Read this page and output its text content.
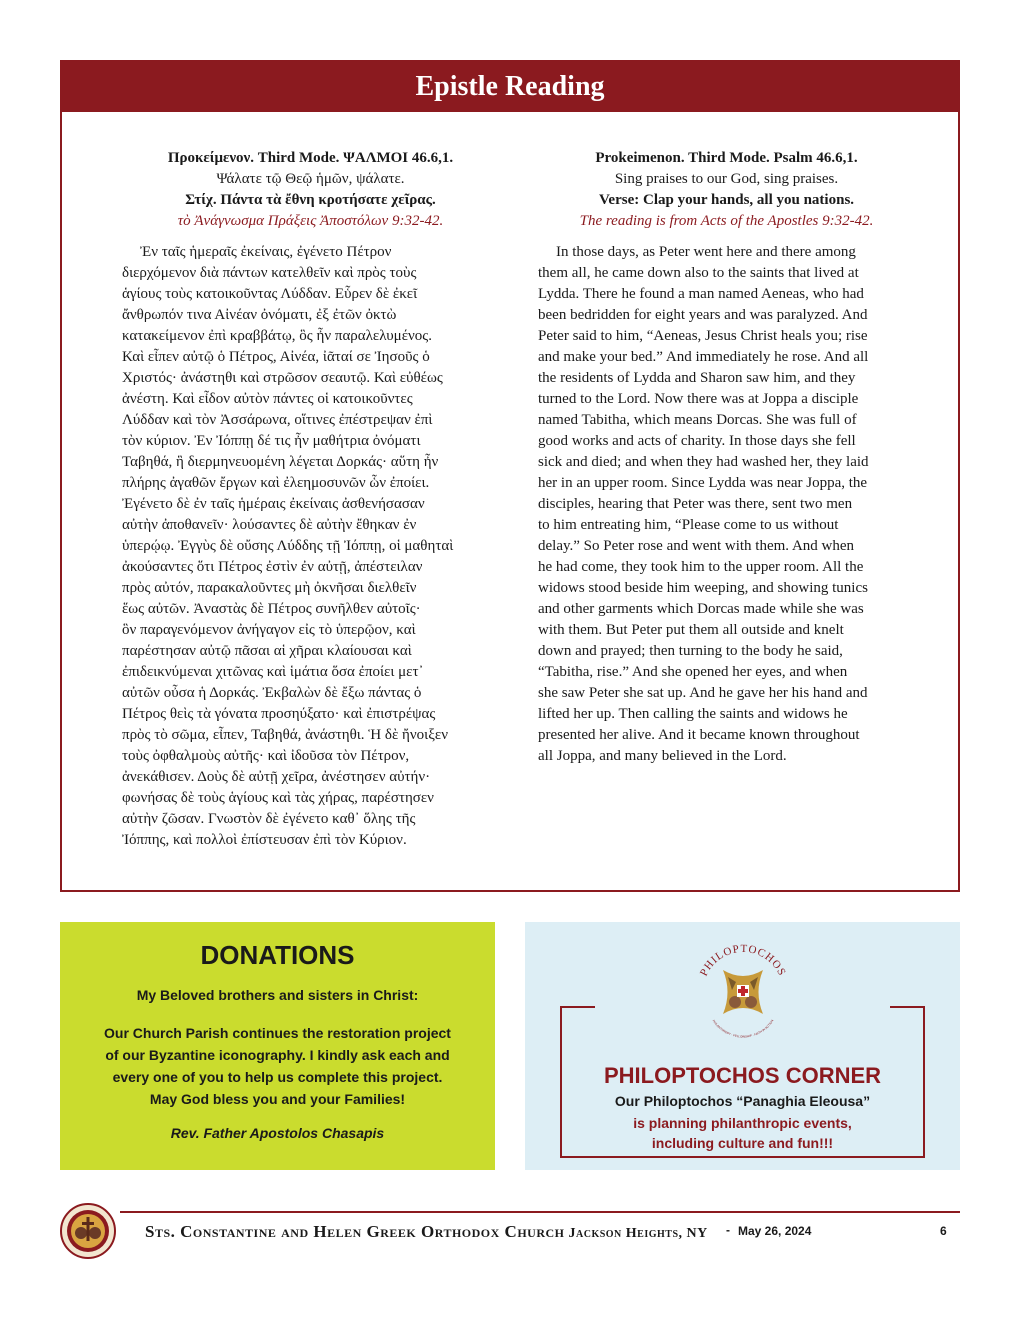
Epistle Reading
Προκείμενον. Third Mode. ΨΑΛΜΟΙ 46.6,1.
Ψάλατε τῷ Θεῷ ἡμῶν, ψάλατε.
Στίχ. Πάντα τὰ ἔθνη κροτήσατε χεῖρας.
τὸ Ἀνάγνωσμα Πράξεις Ἀποστόλων 9:32-42.
Ἐν ταῖς ἡμεραῖς ἐκείναις, ἐγένετο Πέτρον
διερχόμενον διὰ πάντων κατελθεῖν καὶ πρὸς τοὺς
ἁγίους τοὺς κατοικοῦντας Λύδδαν. Εὗρεν δὲ ἐκεῖ
ἄνθρωπόν τινα Αἰνέαν ὀνόματι, ἐξ ἐτῶν ὀκτὼ
κατακείμενον ἐπὶ κραββάτῳ, ὃς ἦν παραλελυμένος.
Καὶ εἶπεν αὐτῷ ὁ Πέτρος, Αἰνέα, ἰᾶταί σε Ἰησοῦς ὁ
Χριστός· ἀνάστηθι καὶ στρῶσον σεαυτῷ. Καὶ εὐθέως
ἀνέστη. Καὶ εἶδον αὐτὸν πάντες οἱ κατοικοῦντες
Λύδδαν καὶ τὸν Ἀσσάρωνα, οἵτινες ἐπέστρεψαν ἐπὶ
τὸν κύριον. Ἐν Ἰόππῃ δέ τις ἦν μαθήτρια ὀνόματι
Ταβηθά, ἣ διερμηνευομένη λέγεται Δορκάς· αὕτη ἦν
πλήρης ἀγαθῶν ἔργων καὶ ἐλεημοσυνῶν ὧν ἐποίει.
Ἐγένετο δὲ ἐν ταῖς ἡμέραις ἐκείναις ἀσθενήσασαν
αὐτὴν ἀποθανεῖν· λούσαντες δὲ αὐτὴν ἔθηκαν ἐν
ὑπερῴῳ. Ἐγγὺς δὲ οὔσης Λύδδης τῇ Ἰόππῃ, οἱ μαθηταὶ
ἀκούσαντες ὅτι Πέτρος ἐστὶν ἐν αὐτῇ, ἀπέστειλαν
πρὸς αὐτόν, παρακαλοῦντες μὴ ὀκνῆσαι διελθεῖν
ἕως αὐτῶν. Ἀναστὰς δὲ Πέτρος συνῆλθεν αὐτοῖς·
ὃν παραγενόμενον ἀνήγαγον εἰς τὸ ὑπερῷον, καὶ
παρέστησαν αὐτῷ πᾶσαι αἱ χῆραι κλαίουσαι καὶ
ἐπιδεικνύμεναι χιτῶνας καὶ ἱμάτια ὅσα ἐποίει μετ᾽
αὐτῶν οὖσα ἡ Δορκάς. Ἐκβαλὼν δὲ ἔξω πάντας ὁ
Πέτρος θεὶς τὰ γόνατα προσηύξατο· καὶ ἐπιστρέψας
πρὸς τὸ σῶμα, εἶπεν, Ταβηθά, ἀνάστηθι. Ἡ δὲ ἤνοιξεν
τοὺς ὀφθαλμοὺς αὐτῆς· καὶ ἰδοῦσα τὸν Πέτρον,
ἀνεκάθισεν. Δοὺς δὲ αὐτῇ χεῖρα, ἀνέστησεν αὐτήν·
φωνήσας δὲ τοὺς ἁγίους καὶ τὰς χήρας, παρέστησεν
αὐτὴν ζῶσαν. Γνωστὸν δὲ ἐγένετο καθ᾽ ὅλης τῆς
Ἰόππης, καὶ πολλοὶ ἐπίστευσαν ἐπὶ τὸν Κύριον.
Prokeimenon. Third Mode. Psalm 46.6,1.
Sing praises to our God, sing praises.
Verse: Clap your hands, all you nations.
The reading is from Acts of the Apostles 9:32-42.
In those days, as Peter went here and there among
them all, he came down also to the saints that lived at
Lydda. There he found a man named Aeneas, who had
been bedridden for eight years and was paralyzed. And
Peter said to him, “Aeneas, Jesus Christ heals you; rise
and make your bed.” And immediately he rose. And all
the residents of Lydda and Sharon saw him, and they
turned to the Lord. Now there was at Joppa a disciple
named Tabitha, which means Dorcas. She was full of
good works and acts of charity. In those days she fell
sick and died; and when they had washed her, they laid
her in an upper room. Since Lydda was near Joppa, the
disciples, hearing that Peter was there, sent two men
to him entreating him, “Please come to us without
delay.” So Peter rose and went with them. And when
he had come, they took him to the upper room. All the
widows stood beside him weeping, and showing tunics
and other garments which Dorcas made while she was
with them. But Peter put them all outside and knelt
down and prayed; then turning to the body he said,
“Tabitha, rise.” And she opened her eyes, and when
she saw Peter she sat up. And he gave her his hand and
lifted her up. Then calling the saints and widows he
presented her alive. And it became known throughout
all Joppa, and many believed in the Lord.
DONATIONS
My Beloved brothers and sisters in Christ:
Our Church Parish continues the restoration project
of our Byzantine iconography. I kindly ask each and
every one of you to help us complete this project.
May God bless you and your Families!
Rev. Father Apostolos Chasapis
PHILOPTOCHOS
PHILANTHROPY · FELLOWSHIP · FAITH IN ACTION
PHILOPTOCHOS CORNER
Our Philoptochos “Panaghia Eleousa”
is planning philanthropic events,
including culture and fun!!!
Sts. Constantine and Helen Greek Orthodox Church Jackson Heights, NY - May 26, 2024	6
